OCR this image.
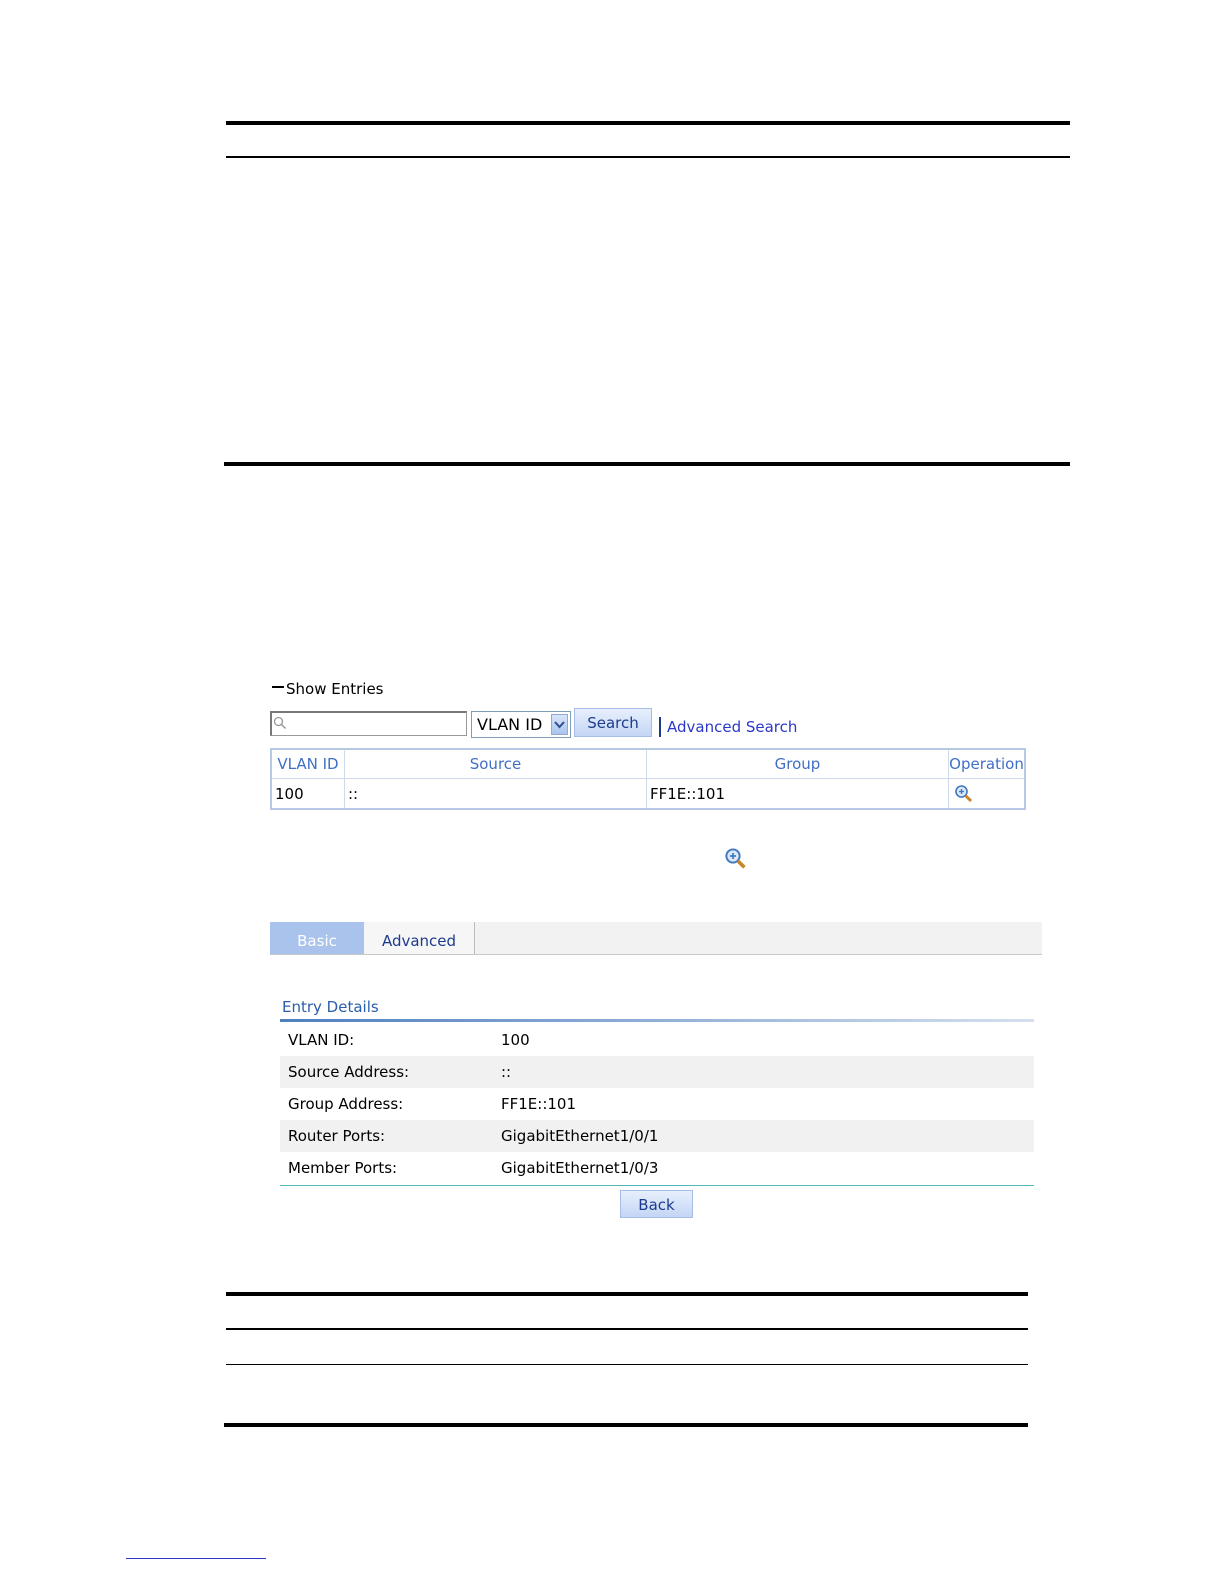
Show Entries
VLAN ID	Search	Advanced Search
VLAN ID	Source	Group	Operation
100	::	FF1E::101	
Basic	Advanced
Entry Details
VLAN ID:	100
Source Address:	::
Group Address:	FF1E::101
Router Ports:	GigabitEthernet1/0/1
Member Ports:	GigabitEthernet1/0/3
Back
